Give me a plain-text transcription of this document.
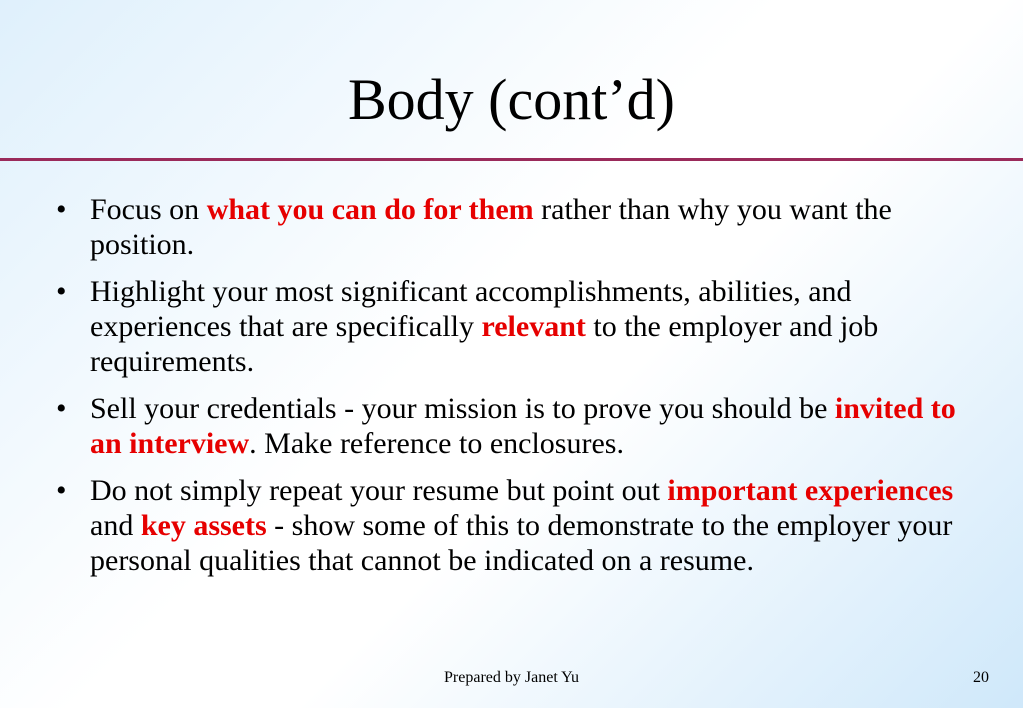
Body (cont’d)
• Focus on what you can do for them rather than why you want the position.
• Highlight your most significant accomplishments, abilities, and experiences that are specifically relevant to the employer and job requirements.
• Sell your credentials - your mission is to prove you should be invited to an interview. Make reference to enclosures.
• Do not simply repeat your resume but point out important experiences and key assets - show some of this to demonstrate to the employer your personal qualities that cannot be indicated on a resume.
Prepared by Janet Yu	20
